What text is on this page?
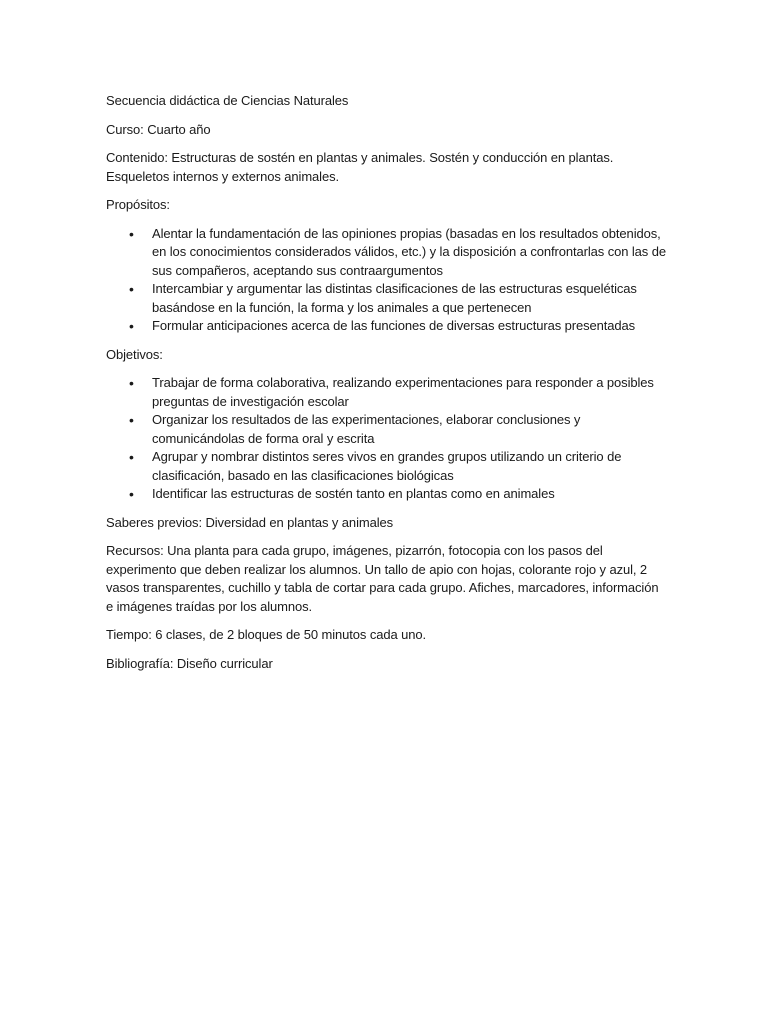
Secuencia didáctica de Ciencias Naturales

Curso: Cuarto año

Contenido: Estructuras de sostén en plantas y animales. Sostén y conducción en plantas. Esqueletos internos y externos animales.

Propósitos:

• Alentar la fundamentación de las opiniones propias (basadas en los resultados obtenidos, en los conocimientos considerados válidos, etc.) y la disposición a confrontarlas con las de sus compañeros, aceptando sus contraargumentos
• Intercambiar y argumentar las distintas clasificaciones de las estructuras esqueléticas basándose en la función, la forma y los animales a que pertenecen
• Formular anticipaciones acerca de las funciones de diversas estructuras presentadas

Objetivos:

• Trabajar de forma colaborativa, realizando experimentaciones para responder a posibles preguntas de investigación escolar
• Organizar los resultados de las experimentaciones, elaborar conclusiones y comunicándolas de forma oral y escrita
• Agrupar y nombrar distintos seres vivos en grandes grupos utilizando un criterio de clasificación, basado en las clasificaciones biológicas
• Identificar las estructuras de sostén tanto en plantas como en animales

Saberes previos: Diversidad en plantas y animales

Recursos: Una planta para cada grupo, imágenes, pizarrón, fotocopia con los pasos del experimento que deben realizar los alumnos. Un tallo de apio con hojas, colorante rojo y azul, 2 vasos transparentes, cuchillo y tabla de cortar para cada grupo. Afiches, marcadores, información e imágenes traídas por los alumnos.

Tiempo: 6 clases, de 2 bloques de 50 minutos cada uno.

Bibliografía: Diseño curricular
